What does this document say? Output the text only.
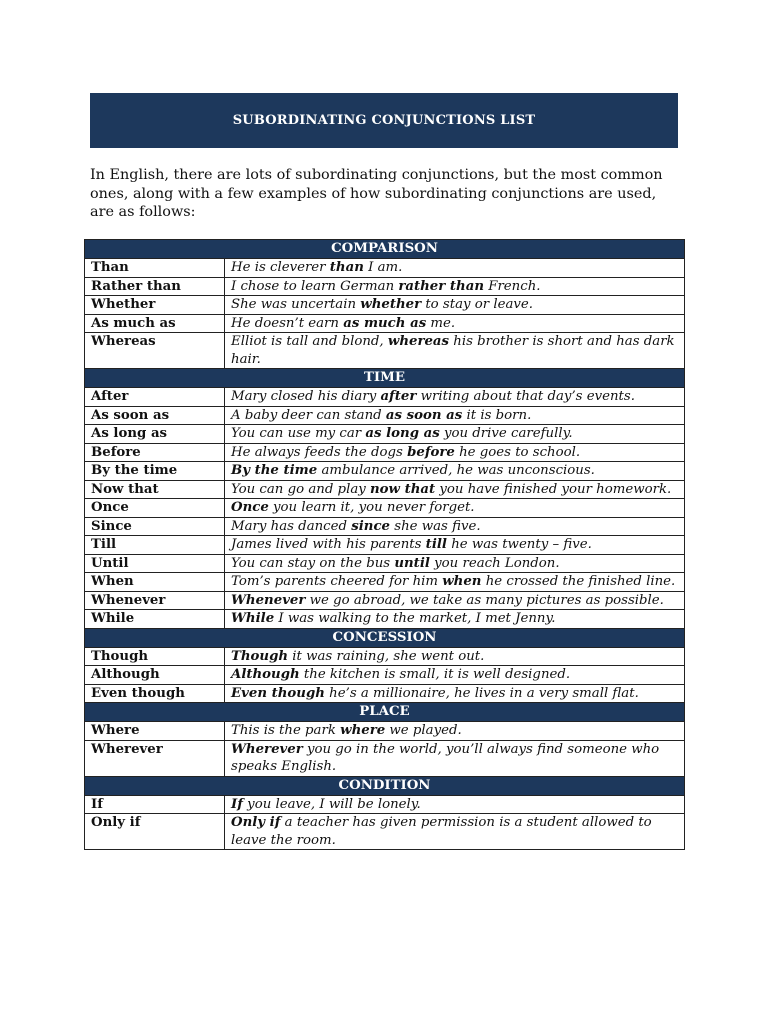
SUBORDINATING CONJUNCTIONS LIST
In English, there are lots of subordinating conjunctions, but the most common ones, along with a few examples of how subordinating conjunctions are used, are as follows:
COMPARISON	
Than	He is cleverer than I am.
Rather than	I chose to learn German rather than French.
Whether	She was uncertain whether to stay or leave.
As much as	He doesn’t earn as much as me.
Whereas	Elliot is tall and blond, whereas his brother is short and has dark hair.
TIME	
After	Mary closed his diary after writing about that day’s events.
As soon as	A baby deer can stand as soon as it is born.
As long as	You can use my car as long as you drive carefully.
Before	He always feeds the dogs before he goes to school.
By the time	By the time ambulance arrived, he was unconscious.
Now that	You can go and play now that you have finished your homework.
Once	Once you learn it, you never forget.
Since	Mary has danced since she was five.
Till	James lived with his parents till he was twenty – five.
Until	You can stay on the bus until you reach London.
When	Tom’s parents cheered for him when he crossed the finished line.
Whenever	Whenever we go abroad, we take as many pictures as possible.
While	While I was walking to the market, I met Jenny.
CONCESSION	
Though	Though it was raining, she went out.
Although	Although the kitchen is small, it is well designed.
Even though	Even though he’s a millionaire, he lives in a very small flat.
PLACE	
Where	This is the park where we played.
Wherever	Wherever you go in the world, you’ll always find someone who speaks English.
CONDITION	
If	If you leave, I will be lonely.
Only if	Only if a teacher has given permission is a student allowed to leave the room.
